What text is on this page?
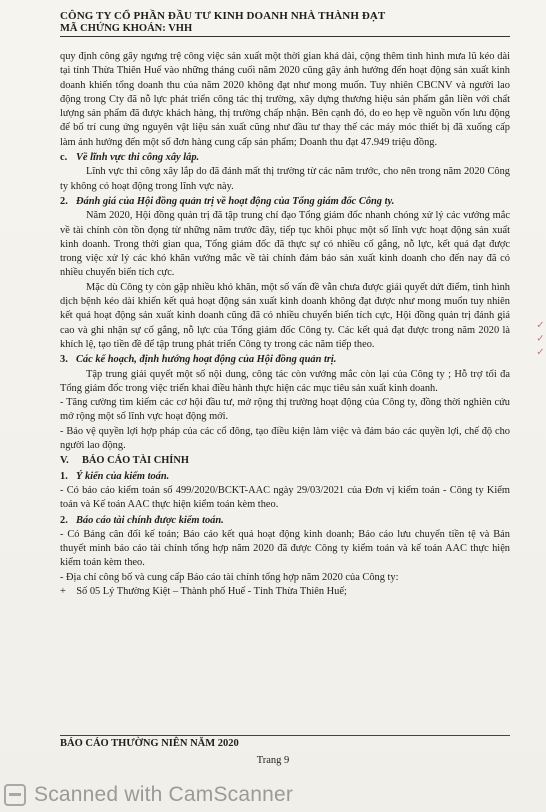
CÔNG TY CỔ PHẦN ĐẦU TƯ KINH DOANH NHÀ THÀNH ĐẠT
MÃ CHỨNG KHOÁN: VHH

quy định công gây ngưng trệ công việc sản xuất một thời gian khá dài, cộng thêm tình hình mưa lũ kéo dài tại tỉnh Thừa Thiên Huế vào những tháng cuối năm 2020 cũng gây ảnh hưởng đến hoạt động sản xuất kinh doanh khiến tổng doanh thu của năm 2020 không đạt như mong muốn. Tuy nhiên CBCNV và người lao động trong Cty đã nỗ lực phát triển công tác thị trường, xây dựng thương hiệu sản phẩm gắn liền với chất lượng sản phẩm đã được khách hàng, thị trường chấp nhận. Bên cạnh đó, do eo hẹp về nguồn vốn lưu động để bố trí cung ứng nguyên vật liệu sản xuất cũng như đầu tư thay thế các máy móc thiết bị đã xuống cấp làm ảnh hưởng đến một số đơn hàng cung cấp sản phẩm; Doanh thu đạt 47.949 triệu đồng.

c. Về lĩnh vực thi công xây lắp.

Lĩnh vực thi công xây lắp do đã đánh mất thị trường từ các năm trước, cho nên trong năm 2020 Công ty không có hoạt động trong lĩnh vực này.

2. Đánh giá của Hội đồng quản trị về hoạt động của Tổng giám đốc Công ty.

Năm 2020, Hội đồng quản trị đã tập trung chỉ đạo Tổng giám đốc nhanh chóng xử lý các vướng mắc về tài chính còn tồn đọng từ những năm trước đây, tiếp tục khôi phục một số lĩnh vực hoạt động sản xuất kinh doanh. Trong thời gian qua, Tổng giám đốc đã thực sự có nhiều cố gắng, nỗ lực, kết quả đạt được trong việc xử lý các khó khăn vướng mắc về tài chính đảm bảo sản xuất kinh doanh cho đến nay đã có nhiều chuyển biến tích cực.

Mặc dù Công ty còn gặp nhiều khó khăn, một số vấn đề vẫn chưa được giải quyết dứt điểm, tình hình dịch bệnh kéo dài khiến kết quả hoạt động sản xuất kinh doanh không đạt được như mong muốn tuy nhiên kết quả hoạt động sản xuất kinh doanh cũng đã có nhiều chuyển biến tích cực, Hội đồng quản trị đánh giá cao và ghi nhận sự cố gắng, nỗ lực của Tổng giám đốc Công ty. Các kết quả đạt được trong năm 2020 là khích lệ, tạo tiền đề để tập trung phát triển Công ty trong các năm tiếp theo.

3. Các kế hoạch, định hướng hoạt động của Hội đồng quản trị.

Tập trung giải quyết một số nội dung, công tác còn vướng mắc còn lại của Công ty ; Hỗ trợ tối đa Tổng giám đốc trong việc triển khai điều hành thực hiện các mục tiêu sản xuất kinh doanh.

- Tăng cường tìm kiếm các cơ hội đầu tư, mở rộng thị trường hoạt động của Công ty, đồng thời nghiên cứu mở rộng một số lĩnh vực hoạt động mới.

- Bảo vệ quyền lợi hợp pháp của các cổ đông, tạo điều kiện làm việc và đảm bảo các quyền lợi, chế độ cho người lao động.

V. BÁO CÁO TÀI CHÍNH

1. Ý kiến của kiểm toán.

- Có báo cáo kiểm toán số 499/2020/BCKT-AAC ngày 29/03/2021 của Đơn vị kiểm toán - Công ty Kiểm toán và Kế toán AAC thực hiện kiểm toán kèm theo.

2. Báo cáo tài chính được kiểm toán.

- Có Bảng cân đối kế toán; Báo cáo kết quả hoạt động kinh doanh; Báo cáo lưu chuyển tiền tệ và Bản thuyết minh báo cáo tài chính tổng hợp năm 2020 đã được Công ty kiểm toán và kế toán AAC thực hiện kiểm toán kèm theo.

- Địa chỉ công bố và cung cấp Báo cáo tài chính tổng hợp năm 2020 của Công ty:

+    Số 05 Lý Thường Kiệt – Thành phố Huế - Tỉnh Thừa Thiên Huế;

✓ ✓ ✓
BÁO CÁO THƯỜNG NIÊN NĂM 2020
Trang 9
Scanned with CamScanner
